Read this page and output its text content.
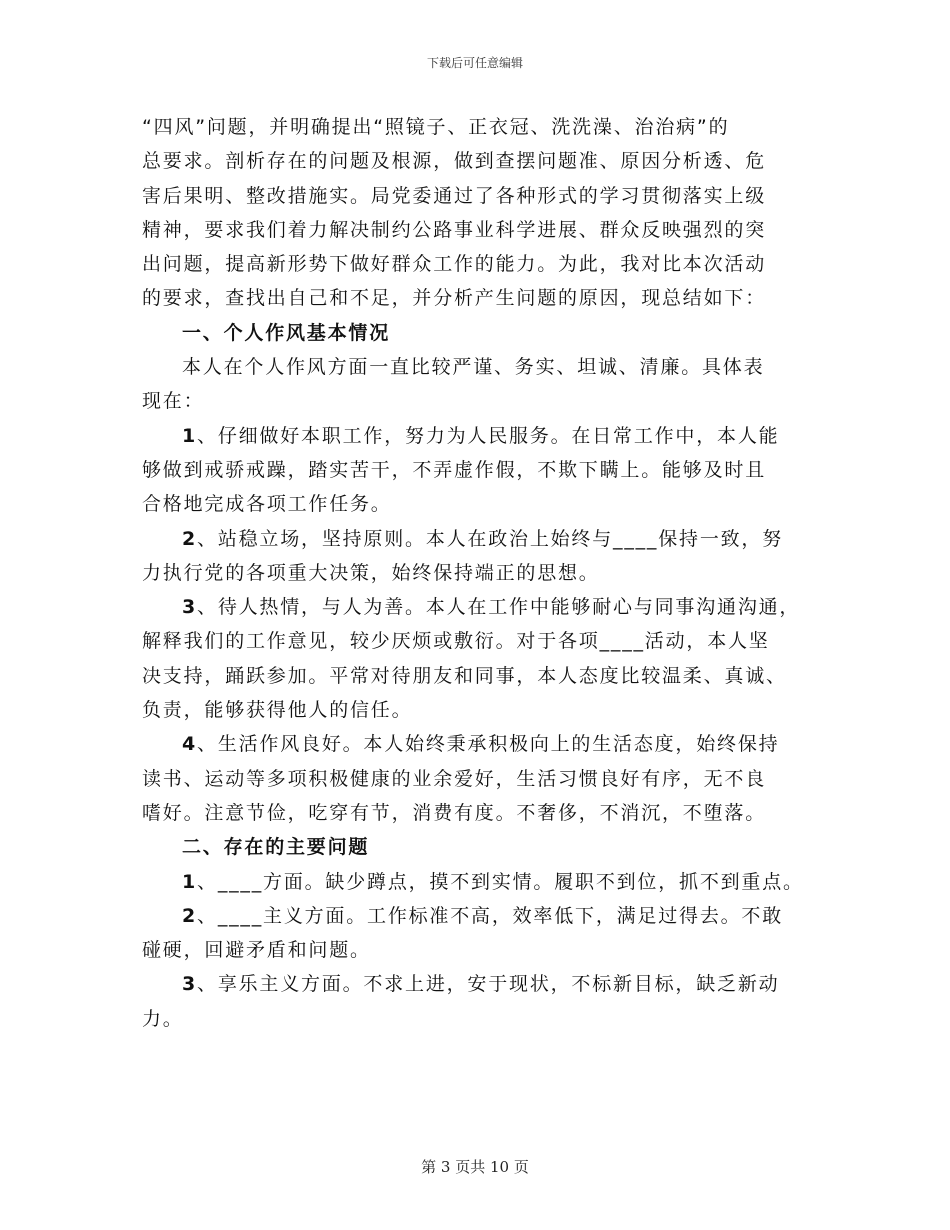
下载后可任意编辑

“四风”问题，并明确提出“照镜子、正衣冠、洗洗澡、治治病”的
总要求。剖析存在的问题及根源，做到查摆问题准、原因分析透、危
害后果明、整改措施实。局党委通过了各种形式的学习贯彻落实上级
精神，要求我们着力解决制约公路事业科学进展、群众反映强烈的突
出问题，提高新形势下做好群众工作的能力。为此，我对比本次活动
的要求，查找出自己和不足，并分析产生问题的原因，现总结如下：

一、个人作风基本情况

本人在个人作风方面一直比较严谨、务实、坦诚、清廉。具体表
现在：

1、仔细做好本职工作，努力为人民服务。在日常工作中，本人能
够做到戒骄戒躁，踏实苦干，不弄虚作假，不欺下瞒上。能够及时且
合格地完成各项工作任务。

2、站稳立场，坚持原则。本人在政治上始终与____保持一致，努
力执行党的各项重大决策，始终保持端正的思想。

3、待人热情，与人为善。本人在工作中能够耐心与同事沟通沟通，
解释我们的工作意见，较少厌烦或敷衍。对于各项____活动，本人坚
决支持，踊跃参加。平常对待朋友和同事，本人态度比较温柔、真诚、
负责，能够获得他人的信任。

4、生活作风良好。本人始终秉承积极向上的生活态度，始终保持
读书、运动等多项积极健康的业余爱好，生活习惯良好有序，无不良
嗜好。注意节俭，吃穿有节，消费有度。不奢侈，不消沉，不堕落。

二、存在的主要问题

1、____方面。缺少蹲点，摸不到实情。履职不到位，抓不到重点。

2、____主义方面。工作标准不高，效率低下，满足过得去。不敢
碰硬，回避矛盾和问题。

3、享乐主义方面。不求上进，安于现状，不标新目标，缺乏新动
力。

第 3 页共 10 页
